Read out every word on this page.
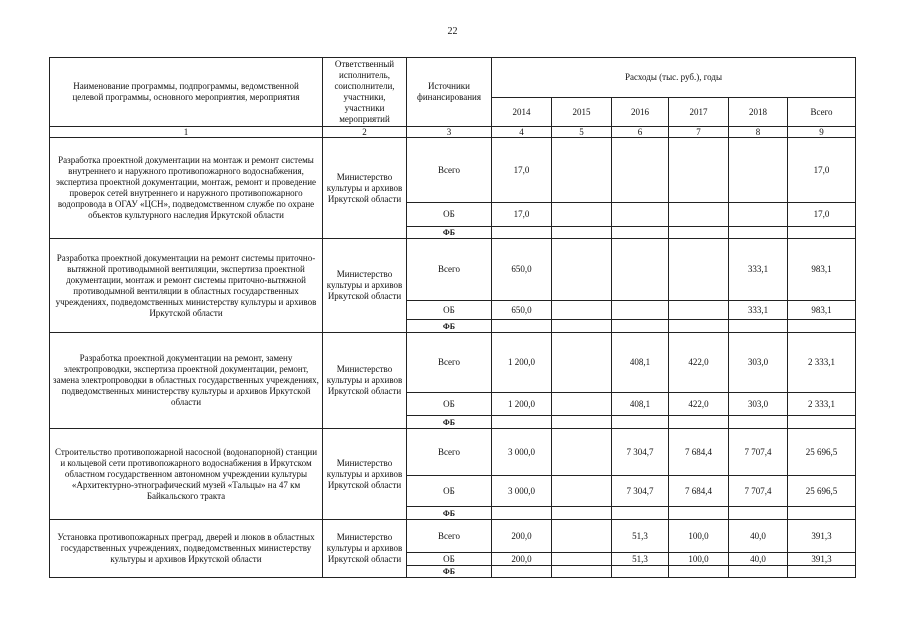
22
Наименование программы, подпрограммы, ведомственной целевой программы, основного мероприятия, мероприятия	Ответственный исполнитель, соисполнители, участники, участники мероприятий	Источники финансирования	Расходы (тыс. руб.), годы					
			2014	2015	2016	2017	2018	Всего
1	2	3	4	5	6	7	8	9
Разработка проектной документации на монтаж и ремонт системы внутреннего и наружного противопожарного водоснабжения, экспертиза проектной документации, монтаж, ремонт и проведение проверок сетей внутреннего и наружного противопожарного водопровода в ОГАУ «ЦСН», подведомственном службе по охране объектов культурного наследия Иркутской области	Министерство культуры и архивов Иркутской области	Всего	17,0					17,0
		ОБ	17,0					17,0
		ФБ						
Разработка проектной документации на ремонт системы приточно-вытяжной противодымной вентиляции, экспертиза проектной документации, монтаж и ремонт системы приточно-вытяжной противодымной вентиляции в областных государственных учреждениях, подведомственных министерству культуры и архивов Иркутской области	Министерство культуры и архивов Иркутской области	Всего	650,0				333,1	983,1
		ОБ	650,0				333,1	983,1
		ФБ						
Разработка проектной документации на ремонт, замену электропроводки, экспертиза проектной документации, ремонт, замена электропроводки в областных государственных учреждениях, подведомственных министерству культуры и архивов Иркутской области	Министерство культуры и архивов Иркутской области	Всего	1 200,0		408,1	422,0	303,0	2 333,1
		ОБ	1 200,0		408,1	422,0	303,0	2 333,1
		ФБ						
Строительство противопожарной насосной (водонапорной) станции и кольцевой сети противопожарного водоснабжения в Иркутском областном государственном автономном учреждении культуры «Архитектурно-этнографический музей «Тальцы» на 47 км Байкальского тракта	Министерство культуры и архивов Иркутской области	Всего	3 000,0		7 304,7	7 684,4	7 707,4	25 696,5
		ОБ	3 000,0		7 304,7	7 684,4	7 707,4	25 696,5
		ФБ						
Установка противопожарных преград, дверей и люков в областных государственных учреждениях, подведомственных министерству культуры и архивов Иркутской области	Министерство культуры и архивов Иркутской области	Всего	200,0		51,3	100,0	40,0	391,3
		ОБ	200,0		51,3	100,0	40,0	391,3
		ФБ						
